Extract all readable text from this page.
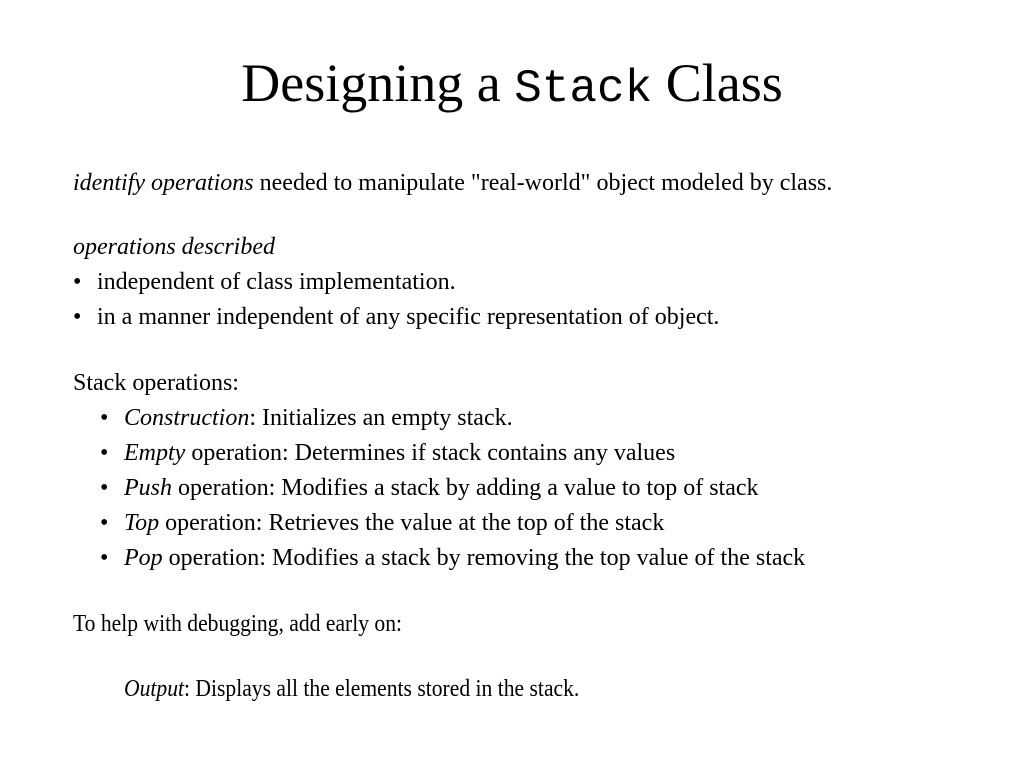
Designing a Stack Class
identify operations needed to manipulate "real-world" object modeled by class.
operations described
• independent of class implementation.
• in a manner independent of any specific representation of object.
Stack operations:
• Construction: Initializes an empty stack.
• Empty operation: Determines if stack contains any values
• Push operation: Modifies a stack by adding a value to top of stack
• Top operation: Retrieves the value at the top of the stack
• Pop operation: Modifies a stack by removing the top value of the stack
To help with debugging, add early on:
Output: Displays all the elements stored in the stack.
